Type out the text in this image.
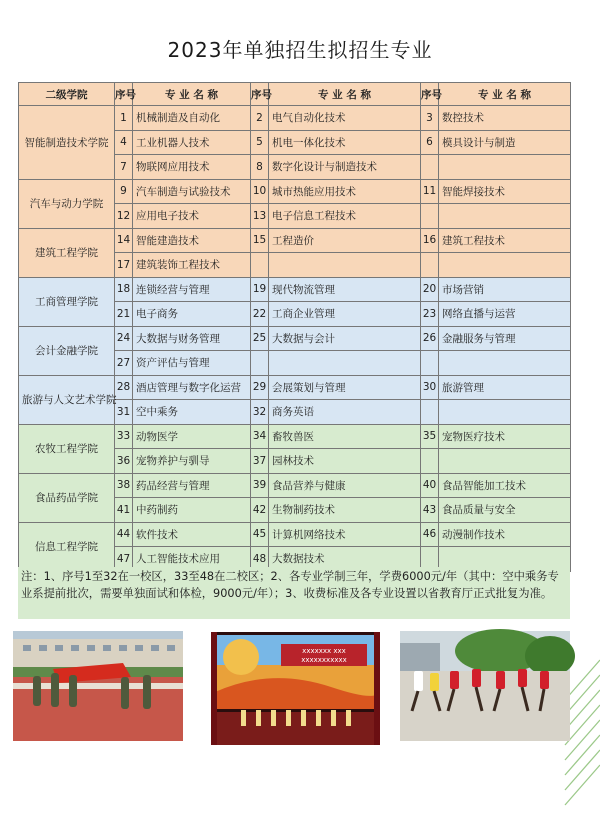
2023年单独招生拟招生专业
二级学院	序号	专 业 名 称	序号	专 业 名 称	序号	专 业 名 称
智能制造技术学院	1	机械制造及自动化	2	电气自动化技术	3	数控技术
	4	工业机器人技术	5	机电一体化技术	6	模具设计与制造
	7	物联网应用技术	8	数字化设计与制造技术		
汽车与动力学院	9	汽车制造与试验技术	10	城市热能应用技术	11	智能焊接技术
	12	应用电子技术	13	电子信息工程技术		
建筑工程学院	14	智能建造技术	15	工程造价	16	建筑工程技术
	17	建筑装饰工程技术				
工商管理学院	18	连锁经营与管理	19	现代物流管理	20	市场营销
	21	电子商务	22	工商企业管理	23	网络直播与运营
会计金融学院	24	大数据与财务管理	25	大数据与会计	26	金融服务与管理
	27	资产评估与管理				
旅游与人文艺术学院	28	酒店管理与数字化运营	29	会展策划与管理	30	旅游管理
	31	空中乘务	32	商务英语		
农牧工程学院	33	动物医学	34	畜牧兽医	35	宠物医疗技术
	36	宠物养护与驯导	37	园林技术		
食品药品学院	38	药品经营与管理	39	食品营养与健康	40	食品智能加工技术
	41	中药制药	42	生物制药技术	43	食品质量与安全
信息工程学院	44	软件技术	45	计算机网络技术	46	动漫制作技术
	47	人工智能技术应用	48	大数据技术		
注：1、序号1至32在一校区，33至48在二校区；2、各专业学制三年，学费6000元/年（其中：空中乘务专业系提前批次，需要单独面试和体检，9000元/年）；3、收费标准及各专业设置以省教育厅正式批复为准。
xxxxxxx xxx
xxxxxxxxxxx
